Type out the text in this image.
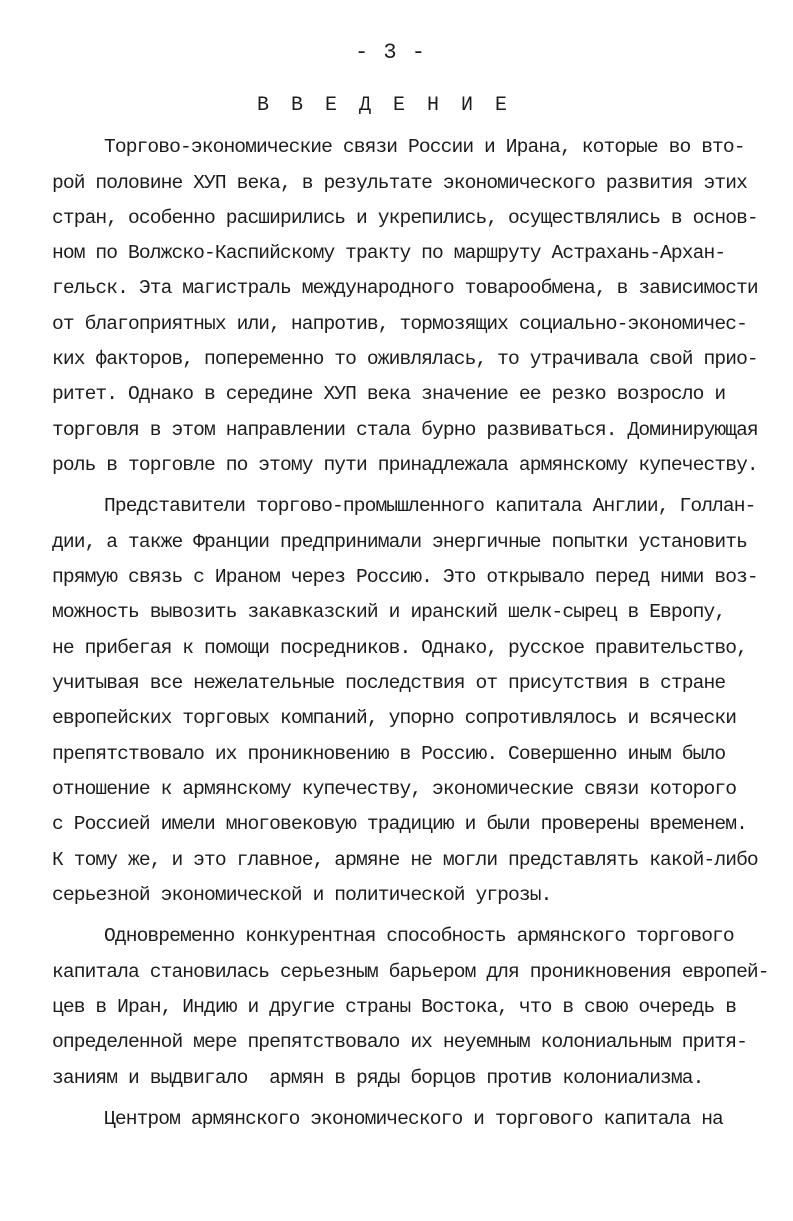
- 3 -
В В Е Д Е Н И Е
Торгово-экономические связи России и Ирана, которые во вто-
рой половине ХУП века, в результате экономического развития этих
стран, особенно расширились и укрепились, осуществлялись в основ-
ном по Волжско-Каспийскому тракту по маршруту Астрахань-Архан-
гельск. Эта магистраль международного товарообмена, в зависимости
от благоприятных или, напротив, тормозящих социально-экономичес-
ких факторов, попеременно то оживлялась, то утрачивала свой прио-
ритет. Однако в середине ХУП века значение ее резко возросло и
торговля в этом направлении стала бурно развиваться. Доминирующая
роль в торговле по этому пути принадлежала армянскому купечеству.
Представители торгово-промышленного капитала Англии, Голлан-
дии, а также Франции предпринимали энергичные попытки установить
прямую связь с Ираном через Россию. Это открывало перед ними воз-
можность вывозить закавказский и иранский шелк-сырец в Европу,
не прибегая к помощи посредников. Однако, русское правительство,
учитывая все нежелательные последствия от присутствия в стране
европейских торговых компаний, упорно сопротивлялось и всячески
препятствовало их проникновению в Россию. Совершенно иным было
отношение к армянскому купечеству, экономические связи которого
с Россией имели многовековую традицию и были проверены временем.
К тому же, и это главное, армяне не могли представлять какой-либо
серьезной экономической и политической угрозы.
Одновременно конкурентная способность армянского торгового
капитала становилась серьезным барьером для проникновения европей-
цев в Иран, Индию и другие страны Востока, что в свою очередь в
определенной мере препятствовало их неуемным колониальным притя-
заниям и выдвигало  армян в ряды борцов против колониализма.
Центром армянского экономического и торгового капитала на
